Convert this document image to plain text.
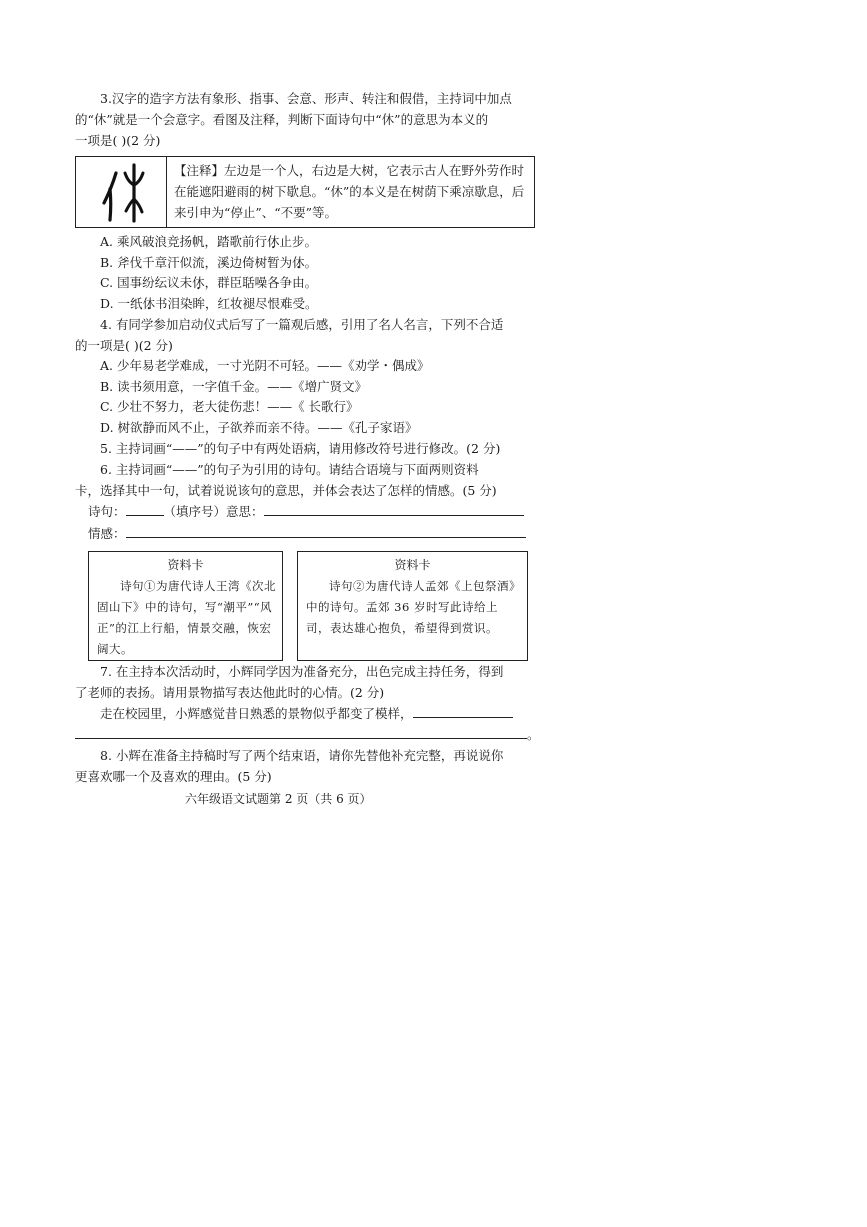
3.汉字的造字方法有象形、指事、会意、形声、转注和假借，主持词中加点

的“休”就是一个会意字。看图及注释，判断下面诗句中“休”的意思为本义的

一项是( )(2 分)

【注释】左边是一个人，右边是大树，它表示古人在野外劳作时在能遮阳避雨的树下歇息。“休”的本义是在树荫下乘凉歇息，后来引申为“停止”、“不要”等。
A. 乘风破浪竞扬帆，踏歌前行休止步。
B. 斧伐千章汗似流，溪边倚树暂为休。
C. 国事纷纭议未休，群臣聒噪各争由。
D. 一纸休书泪染眸，红妆褪尽恨难受。

4. 有同学参加启动仪式后写了一篇观后感，引用了名人名言，下列不合适

的一项是( )(2 分)

A. 少年易老学难成，一寸光阴不可轻。——《劝学・偶成》
B. 读书须用意，一字值千金。——《增广贤文》
C. 少壮不努力，老大徒伤悲！——《 长歌行》
D. 树欲静而风不止，子欲养而亲不待。——《孔子家语》

5. 主持词画“——”的句子中有两处语病，请用修改符号进行修改。(2 分)

6. 主持词画“——”的句子为引用的诗句。请结合语境与下面两则资料

卡，选择其中一句，试着说说该句的意思，并体会表达了怎样的情感。(5 分)

诗句：	（填序号）意思：
情感：
资料卡
诗句①为唐代诗人王湾《次北固山下》中的诗句，写“潮平”“风正”的江上行船，情景交融，恢宏阔大。
资料卡
诗句②为唐代诗人孟郊《上包祭酒》中的诗句。孟郊 36 岁时写此诗给上司，表达雄心抱负，希望得到赏识。

7. 在主持本次活动时，小辉同学因为准备充分，出色完成主持任务，得到

了老师的表扬。请用景物描写表达他此时的心情。(2 分)

走在校园里，小辉感觉昔日熟悉的景物似乎都变了模样，

。

8. 小辉在准备主持稿时写了两个结束语，请你先替他补充完整，再说说你

更喜欢哪一个及喜欢的理由。(5 分)

六年级语文试题第 2 页（共 6 页）
